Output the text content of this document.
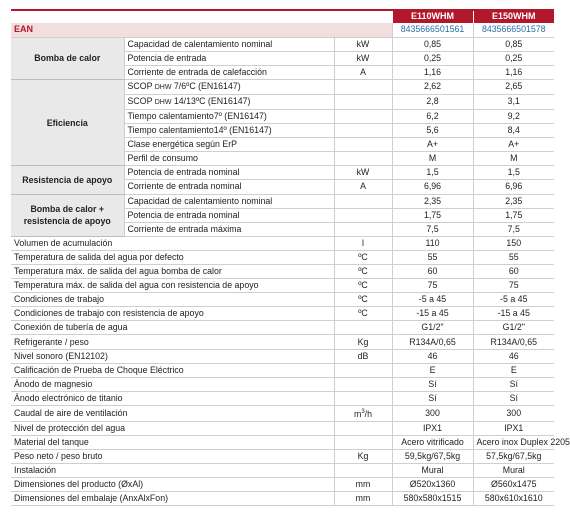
			E110WHM	E150WHM
EAN			8435666501561	8435666501578
Bomba de calor	Capacidad de calentamiento nominal	kW	0,85	0,85
	Potencia de entrada	kW	0,25	0,25
	Corriente de entrada de calefacción	A	1,16	1,16
Eficiencia	SCOP DHW 7/6ºC (EN16147)		2,62	2,65
	SCOP DHW 14/13ºC (EN16147)		2,8	3,1
	Tiempo calentamiento7º (EN16147)		6,2	9,2
	Tiempo calentamiento14º (EN16147)		5,6	8,4
	Clase energética según ErP		A+	A+
	Perfil de consumo		M	M
Resistencia de apoyo	Potencia de entrada nominal	kW	1,5	1,5
	Corriente de entrada nominal	A	6,96	6,96
Bomba de calor + resistencia de apoyo	Capacidad de calentamiento nominal		2,35	2,35
	Potencia de entrada nominal		1,75	1,75
	Corriente de entrada máxima		7,5	7,5
Volumen de acumulación		l	110	150
Temperatura de salida del agua por defecto		ºC	55	55
Temperatura máx. de salida del agua bomba de calor		ºC	60	60
Temperatura máx. de salida del agua con resistencia de apoyo		ºC	75	75
Condiciones de trabajo		ºC	-5 a 45	-5 a 45
Condiciones de trabajo con resistencia de apoyo		ºC	-15 a 45	-15 a 45
Conexión de tubería de agua			G1/2"	G1/2"
Refrigerante / peso		Kg	R134A/0,65	R134A/0,65
Nivel sonoro (EN12102)		dB	46	46
Calificación de Prueba de Choque Eléctrico			E	E
Ánodo de magnesio			Sí	Sí
Ánodo electrónico de titanio			Sí	Sí
Caudal de aire de ventilación		$m^3/h$	300	300
Nivel de protección del agua			IPX1	IPX1
Material del tanque			Acero vitrificado	Acero inox Duplex 2205
Peso neto / peso bruto		Kg	59,5kg/67,5kg	57,5kg/67,5kg
Instalación			Mural	Mural
Dimensiones del producto (ØxAl)		mm	Ø520x1360	Ø560x1475
Dimensiones del embalaje (AnxAlxFon)		mm	580x580x1515	580x610x1610
